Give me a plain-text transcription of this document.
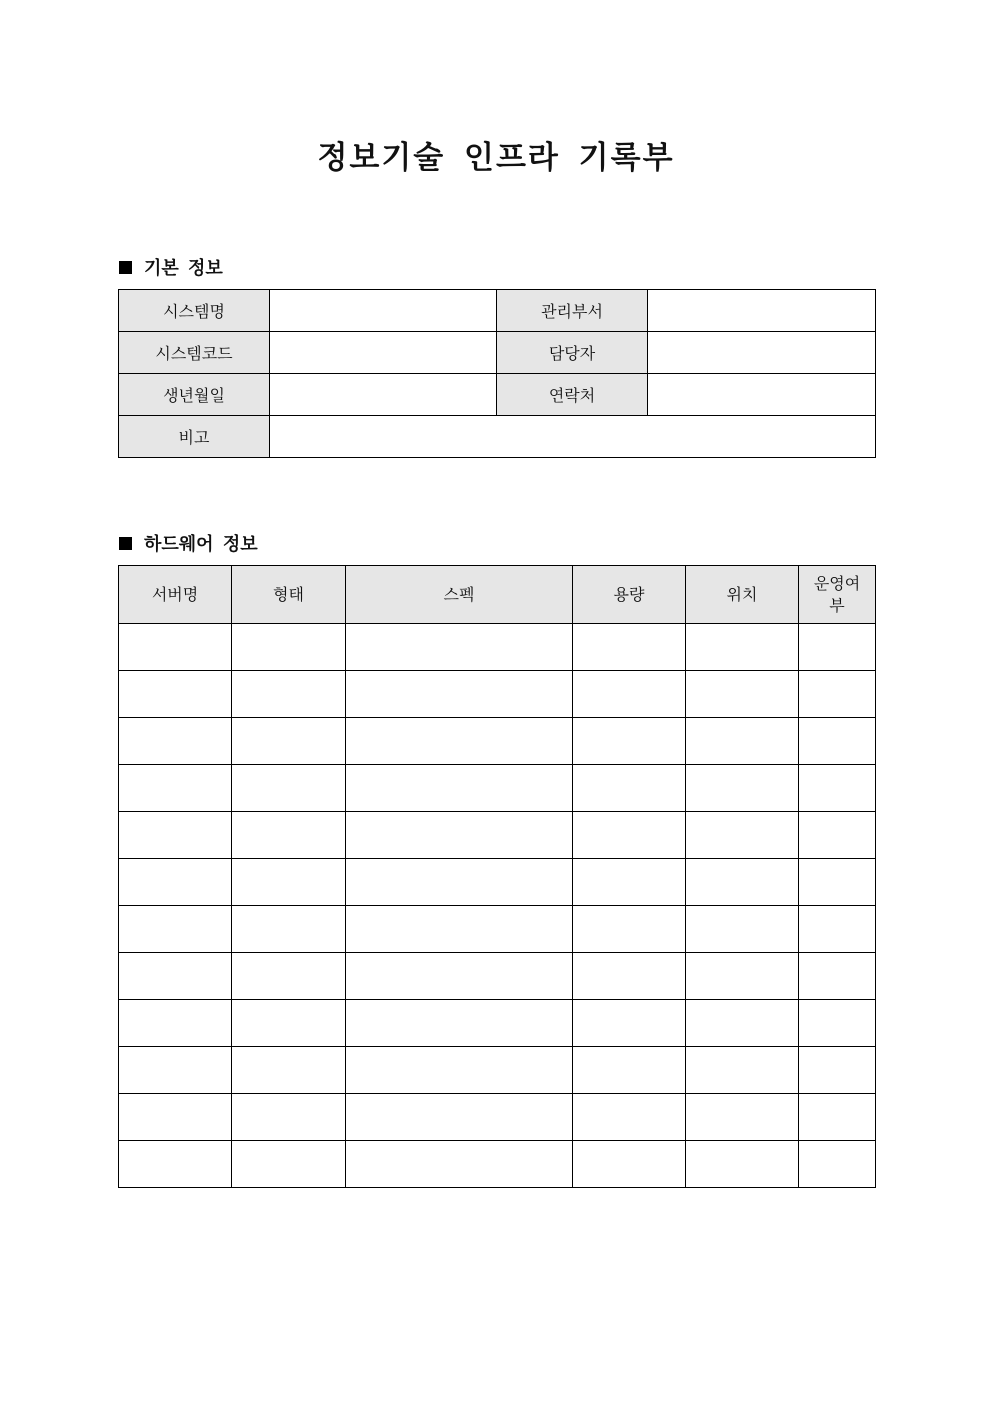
정보기술 인프라 기록부
기본 정보
시스템명		관리부서	
시스템코드		담당자	
생년월일		연락처	
비고			
하드웨어 정보
서버명	형태	스펙	용량	위치	운영여부
